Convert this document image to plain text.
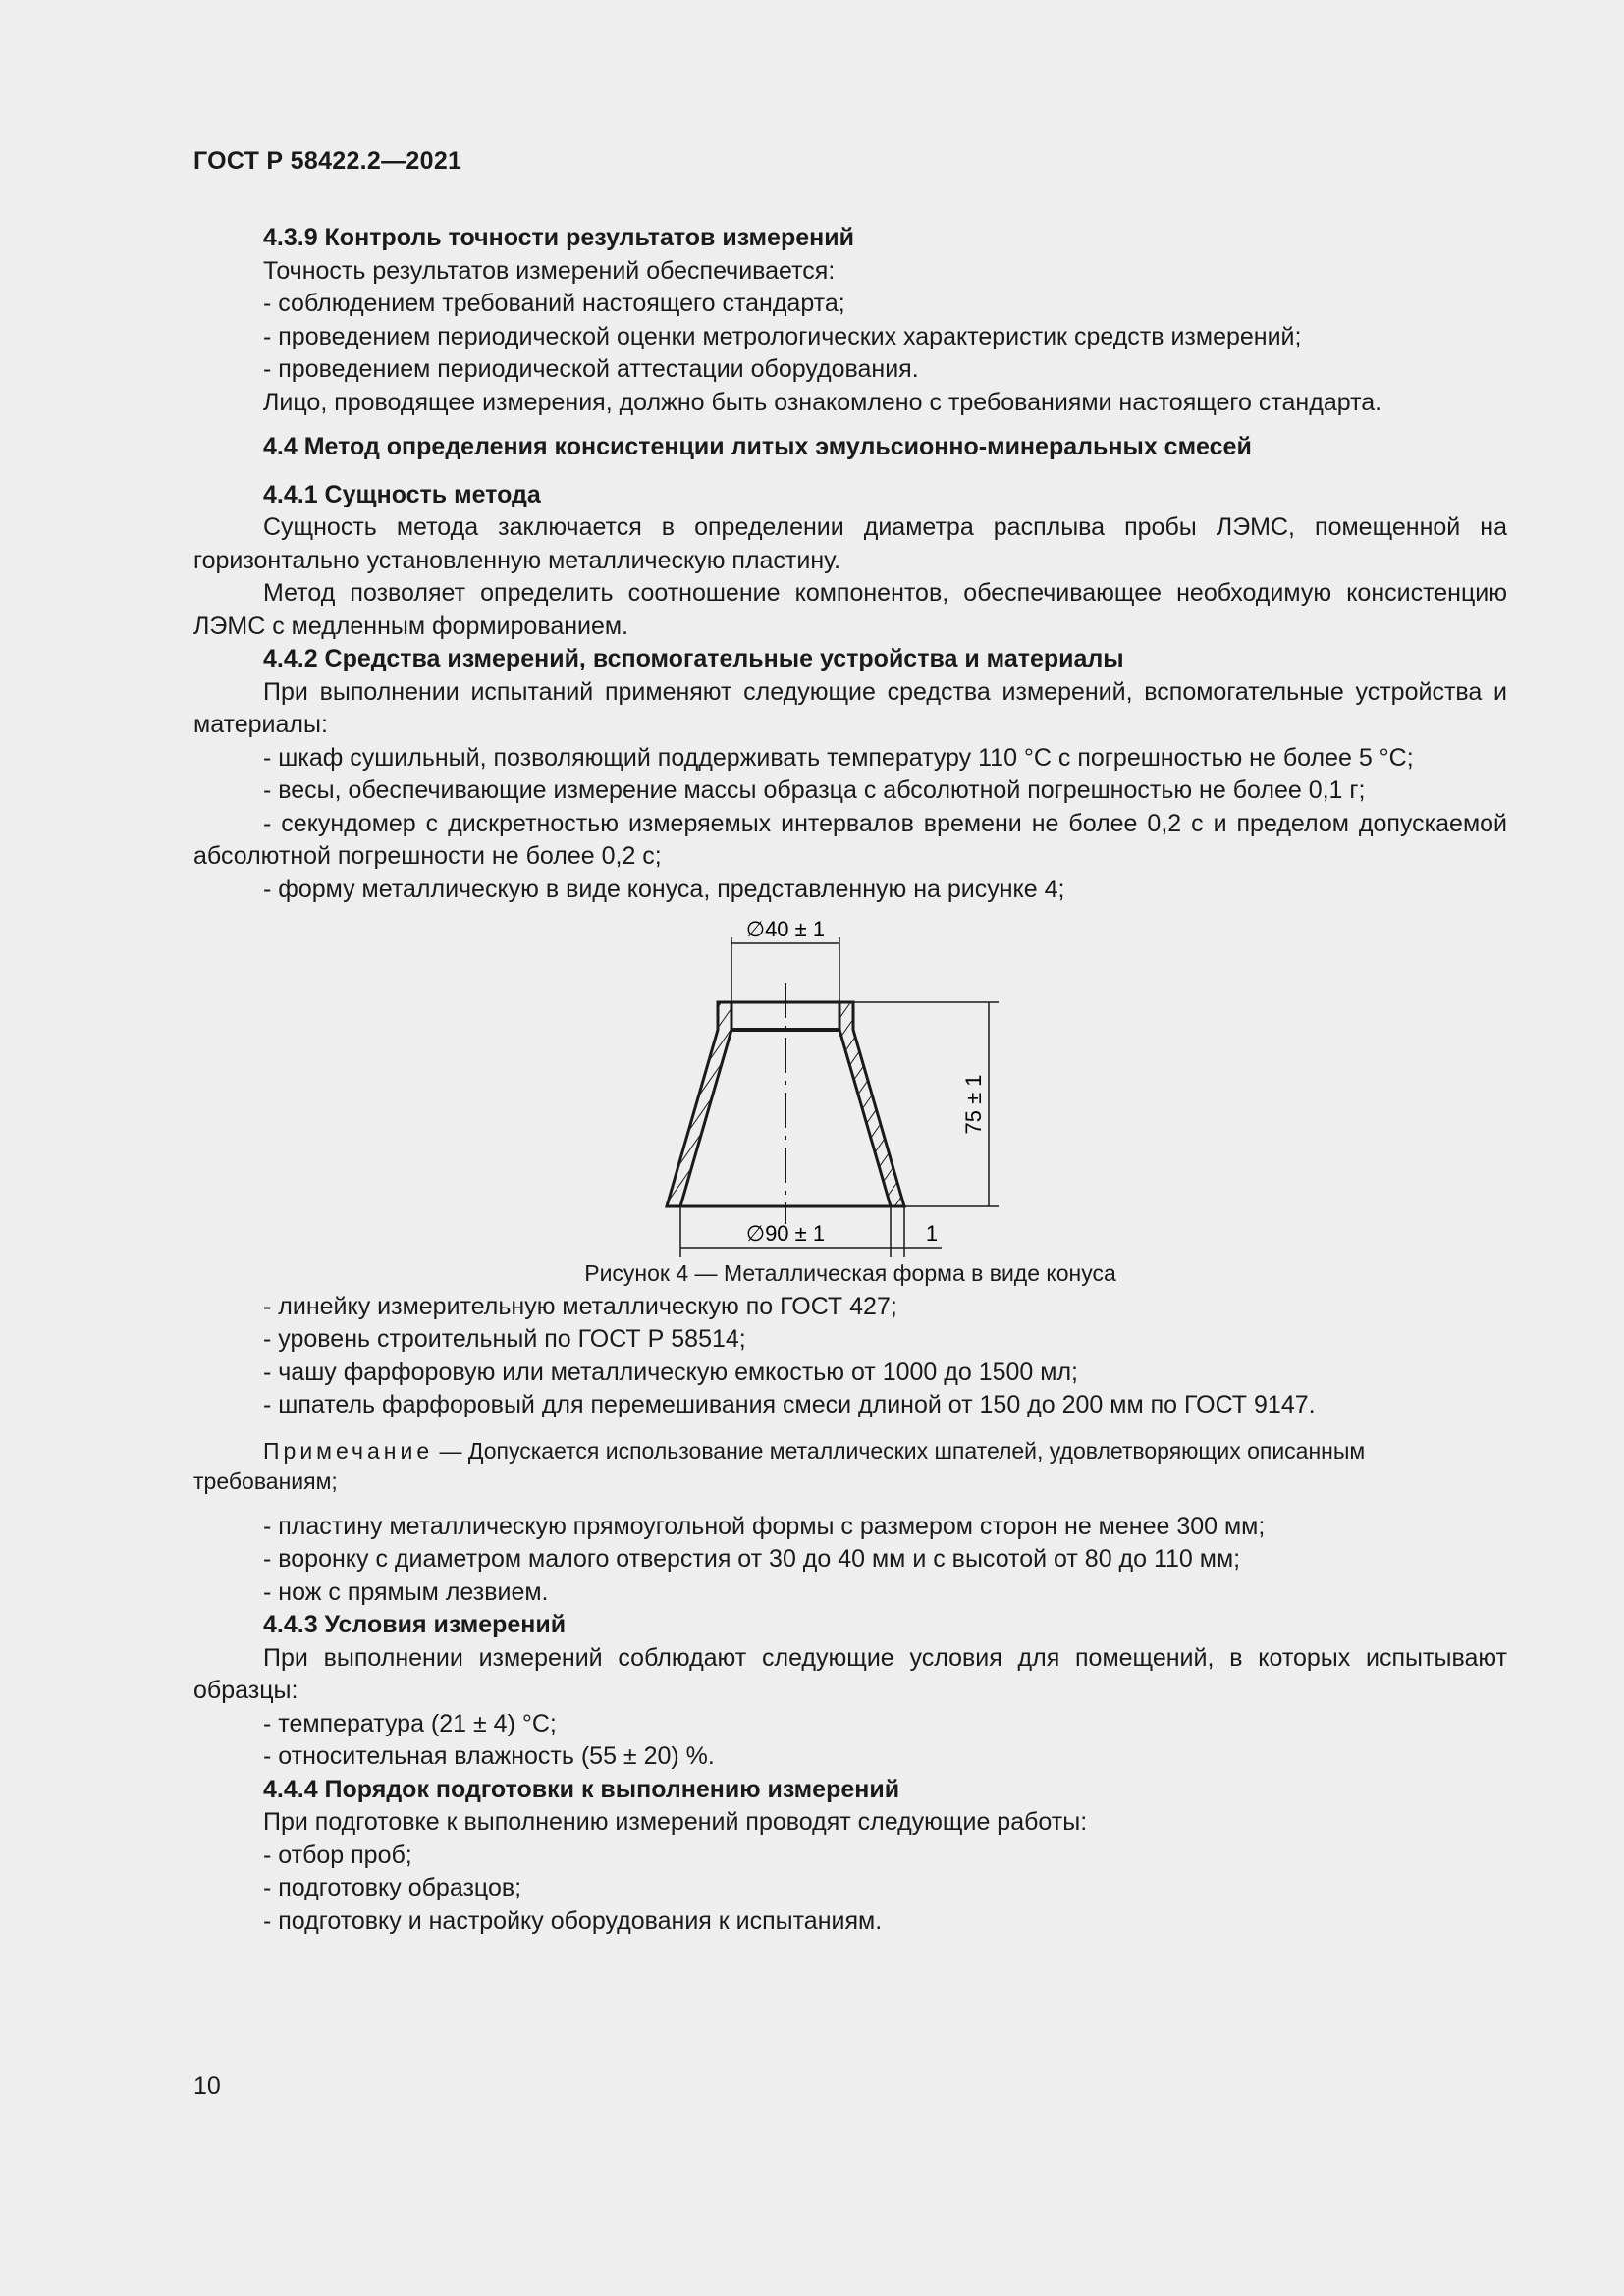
ГОСТ Р 58422.2—2021

4.3.9 Контроль точности результатов измерений

Точность результатов измерений обеспечивается:

- соблюдением требований настоящего стандарта;

- проведением периодической оценки метрологических характеристик средств измерений;

- проведением периодической аттестации оборудования.

Лицо, проводящее измерения, должно быть ознакомлено с требованиями настоящего стандарта.

4.4 Метод определения консистенции литых эмульсионно-минеральных смесей

4.4.1 Сущность метода

Сущность метода заключается в определении диаметра расплыва пробы ЛЭМС, помещенной на горизонтально установленную металлическую пластину.

Метод позволяет определить соотношение компонентов, обеспечивающее необходимую консистенцию ЛЭМС с медленным формированием.

4.4.2 Средства измерений, вспомогательные устройства и материалы

При выполнении испытаний применяют следующие средства измерений, вспомогательные устройства и материалы:

- шкаф сушильный, позволяющий поддерживать температуру 110 °С с погрешностью не более 5 °С;

- весы, обеспечивающие измерение массы образца с абсолютной погрешностью не более 0,1 г;

- секундомер с дискретностью измеряемых интервалов времени не более 0,2 с и пределом допускаемой абсолютной погрешности не более 0,2 с;

- форму металлическую в виде конуса, представленную на рисунке 4;

∅40 ± 1
75 ± 1
∅90 ± 1	1

Рисунок 4 — Металлическая форма в виде конуса

- линейку измерительную металлическую по ГОСТ 427;

- уровень строительный по ГОСТ Р 58514;

- чашу фарфоровую или металлическую емкостью от 1000 до 1500 мл;

- шпатель фарфоровый для перемешивания смеси длиной от 150 до 200 мм по ГОСТ 9147.

Примечание — Допускается использование металлических шпателей, удовлетворяющих описанным требованиям;

- пластину металлическую прямоугольной формы с размером сторон не менее 300 мм;

- воронку с диаметром малого отверстия от 30 до 40 мм и с высотой от 80 до 110 мм;

- нож с прямым лезвием.

4.4.3 Условия измерений

При выполнении измерений соблюдают следующие условия для помещений, в которых испытывают образцы:

- температура (21 ± 4) °С;

- относительная влажность (55 ± 20) %.

4.4.4 Порядок подготовки к выполнению измерений

При подготовке к выполнению измерений проводят следующие работы:

- отбор проб;

- подготовку образцов;

- подготовку и настройку оборудования к испытаниям.

10
